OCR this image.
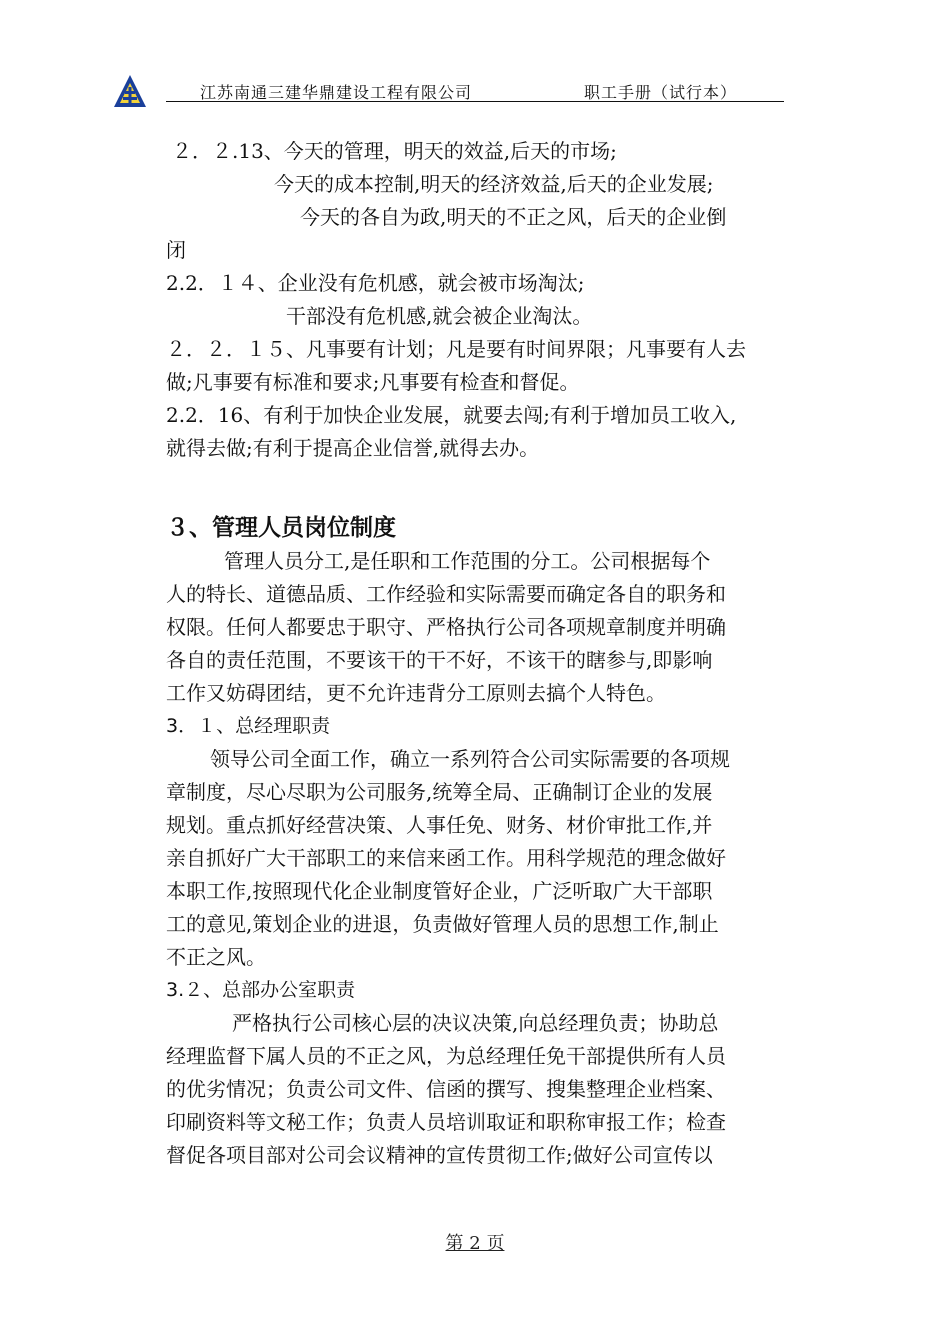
江苏南通三建华鼎建设工程有限公司	职工手册（试行本）
２．２.13、今天的管理，明天的效益,后天的市场;
今天的成本控制,明天的经济效益,后天的企业发展;
今天的各自为政,明天的不正之风，后天的企业倒
闭
2.2．１４、企业没有危机感，就会被市场淘汰;
干部没有危机感,就会被企业淘汰。
２．２．１５、凡事要有计划；凡是要有时间界限；凡事要有人去
做;凡事要有标准和要求;凡事要有检查和督促。
2.2．16、有利于加快企业发展，就要去闯;有利于增加员工收入,
就得去做;有利于提高企业信誉,就得去办。
３、管理人员岗位制度
管理人员分工,是任职和工作范围的分工。公司根据每个
人的特长、道德品质、工作经验和实际需要而确定各自的职务和
权限。任何人都要忠于职守、严格执行公司各项规章制度并明确
各自的责任范围，不要该干的干不好，不该干的瞎参与,即影响
工作又妨碍团结，更不允许违背分工原则去搞个人特色。
3．１、总经理职责
领导公司全面工作，确立一系列符合公司实际需要的各项规
章制度，尽心尽职为公司服务,统筹全局、正确制订企业的发展
规划。重点抓好经营决策、人事任免、财务、材价审批工作,并
亲自抓好广大干部职工的来信来函工作。用科学规范的理念做好
本职工作,按照现代化企业制度管好企业，广泛听取广大干部职
工的意见,策划企业的进退，负责做好管理人员的思想工作,制止
不正之风。
3.２、总部办公室职责
严格执行公司核心层的决议决策,向总经理负责；协助总
经理监督下属人员的不正之风，为总经理任免干部提供所有人员
的优劣情况；负责公司文件、信函的撰写、搜集整理企业档案、
印刷资料等文秘工作；负责人员培训取证和职称审报工作；检查
督促各项目部对公司会议精神的宣传贯彻工作;做好公司宣传以
第 2 页
